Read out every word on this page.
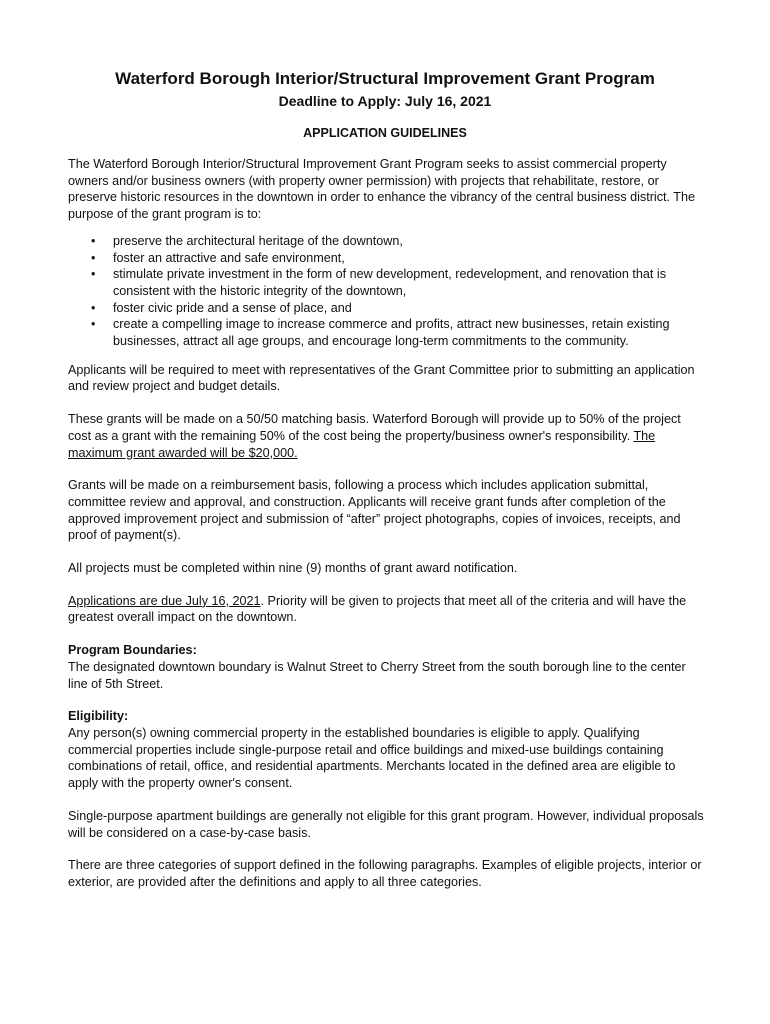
Waterford Borough Interior/Structural Improvement Grant Program
Deadline to Apply: July 16, 2021
APPLICATION GUIDELINES

The Waterford Borough Interior/Structural Improvement Grant Program seeks to assist commercial property owners and/or business owners (with property owner permission) with projects that rehabilitate, restore, or preserve historic resources in the downtown in order to enhance the vibrancy of the central business district. The purpose of the grant program is to:

• preserve the architectural heritage of the downtown,
• foster an attractive and safe environment,
• stimulate private investment in the form of new development, redevelopment, and renovation that is consistent with the historic integrity of the downtown,
• foster civic pride and a sense of place, and
• create a compelling image to increase commerce and profits, attract new businesses, retain existing businesses, attract all age groups, and encourage long-term commitments to the community.

Applicants will be required to meet with representatives of the Grant Committee prior to submitting an application and review project and budget details.

These grants will be made on a 50/50 matching basis. Waterford Borough will provide up to 50% of the project cost as a grant with the remaining 50% of the cost being the property/business owner's responsibility. The maximum grant awarded will be $20,000.

Grants will be made on a reimbursement basis, following a process which includes application submittal, committee review and approval, and construction. Applicants will receive grant funds after completion of the approved improvement project and submission of “after” project photographs, copies of invoices, receipts, and proof of payment(s).

All projects must be completed within nine (9) months of grant award notification.

Applications are due July 16, 2021. Priority will be given to projects that meet all of the criteria and will have the greatest overall impact on the downtown.

Program Boundaries:
The designated downtown boundary is Walnut Street to Cherry Street from the south borough line to the center line of 5th Street.

Eligibility:
Any person(s) owning commercial property in the established boundaries is eligible to apply. Qualifying commercial properties include single-purpose retail and office buildings and mixed-use buildings containing combinations of retail, office, and residential apartments. Merchants located in the defined area are eligible to apply with the property owner's consent.

Single-purpose apartment buildings are generally not eligible for this grant program. However, individual proposals will be considered on a case-by-case basis.

There are three categories of support defined in the following paragraphs. Examples of eligible projects, interior or exterior, are provided after the definitions and apply to all three categories.
